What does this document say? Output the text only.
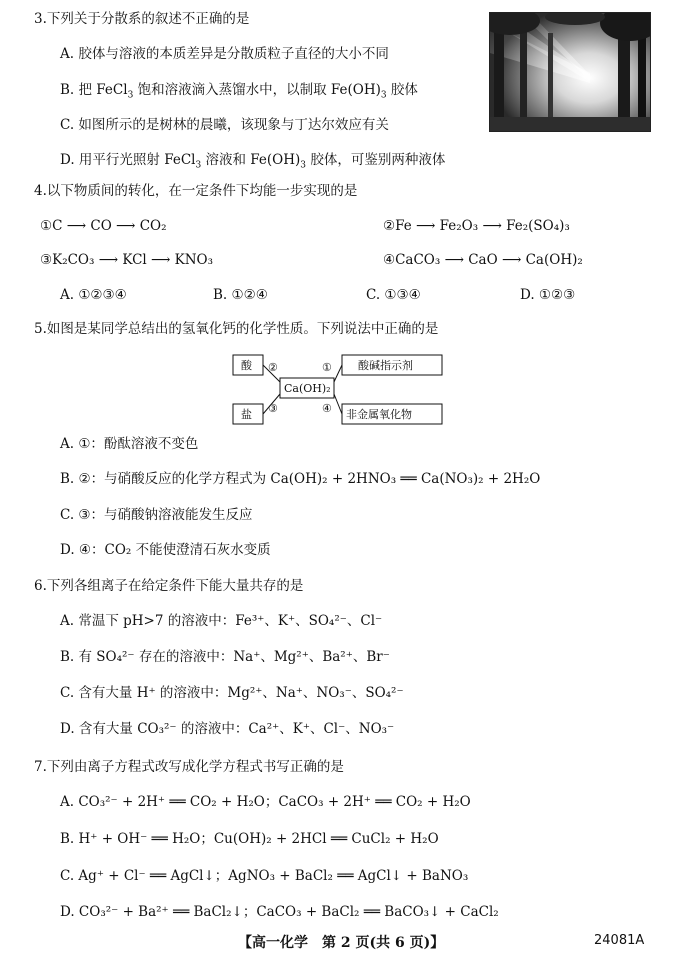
3.下列关于分散系的叙述不正确的是
A. 胶体与溶液的本质差异是分散质粒子直径的大小不同
B. 把 FeCl$_3$ 饱和溶液滴入蒸馏水中，以制取 $Fe(OH)_3$ 胶体
C. 如图所示的是树林的晨曦，该现象与丁达尔效应有关
D. 用平行光照射 FeCl$_3$ 溶液和 $Fe(OH)_3$ 胶体，可鉴别两种液体
4.以下物质间的转化，在一定条件下均能一步实现的是
①C ⟶ CO ⟶ CO₂	②Fe ⟶ Fe₂O₃ ⟶ Fe₂(SO₄)₃
③K₂CO₃ ⟶ KCl ⟶ KNO₃	④CaCO₃ ⟶ CaO ⟶ Ca(OH)₂
A. ①②③④	B. ①②④	C. ①③④	D. ①②③
5.如图是某同学总结出的氢氧化钙的化学性质。下列说法中正确的是
酸
盐
酸碱指示剂
非金属氧化物
Ca(OH)₂
②	①
③	④
A. ①：酚酞溶液不变色
B. ②：与硝酸反应的化学方程式为 Ca(OH)₂ + 2HNO₃ ══ Ca(NO₃)₂ + 2H₂O
C. ③：与硝酸钠溶液能发生反应
D. ④：CO₂ 不能使澄清石灰水变质
6.下列各组离子在给定条件下能大量共存的是
A. 常温下 pH>7 的溶液中：Fe³⁺、K⁺、SO₄²⁻、Cl⁻
B. 有 SO₄²⁻ 存在的溶液中：Na⁺、Mg²⁺、Ba²⁺、Br⁻
C. 含有大量 H⁺ 的溶液中：Mg²⁺、Na⁺、NO₃⁻、SO₄²⁻
D. 含有大量 CO₃²⁻ 的溶液中：Ca²⁺、K⁺、Cl⁻、NO₃⁻
7.下列由离子方程式改写成化学方程式书写正确的是
A. CO₃²⁻ + 2H⁺ ══ CO₂ + H₂O；CaCO₃ + 2H⁺ ══ CO₂ + H₂O
B. H⁺ + OH⁻ ══ H₂O；Cu(OH)₂ + 2HCl ══ CuCl₂ + H₂O
C. Ag⁺ + Cl⁻ ══ AgCl↓；AgNO₃ + BaCl₂ ══ AgCl↓ + BaNO₃
D. CO₃²⁻ + Ba²⁺ ══ BaCl₂↓；CaCO₃ + BaCl₂ ══ BaCO₃↓ + CaCl₂
【高一化学　第 2 页(共 6 页)】	24081A
